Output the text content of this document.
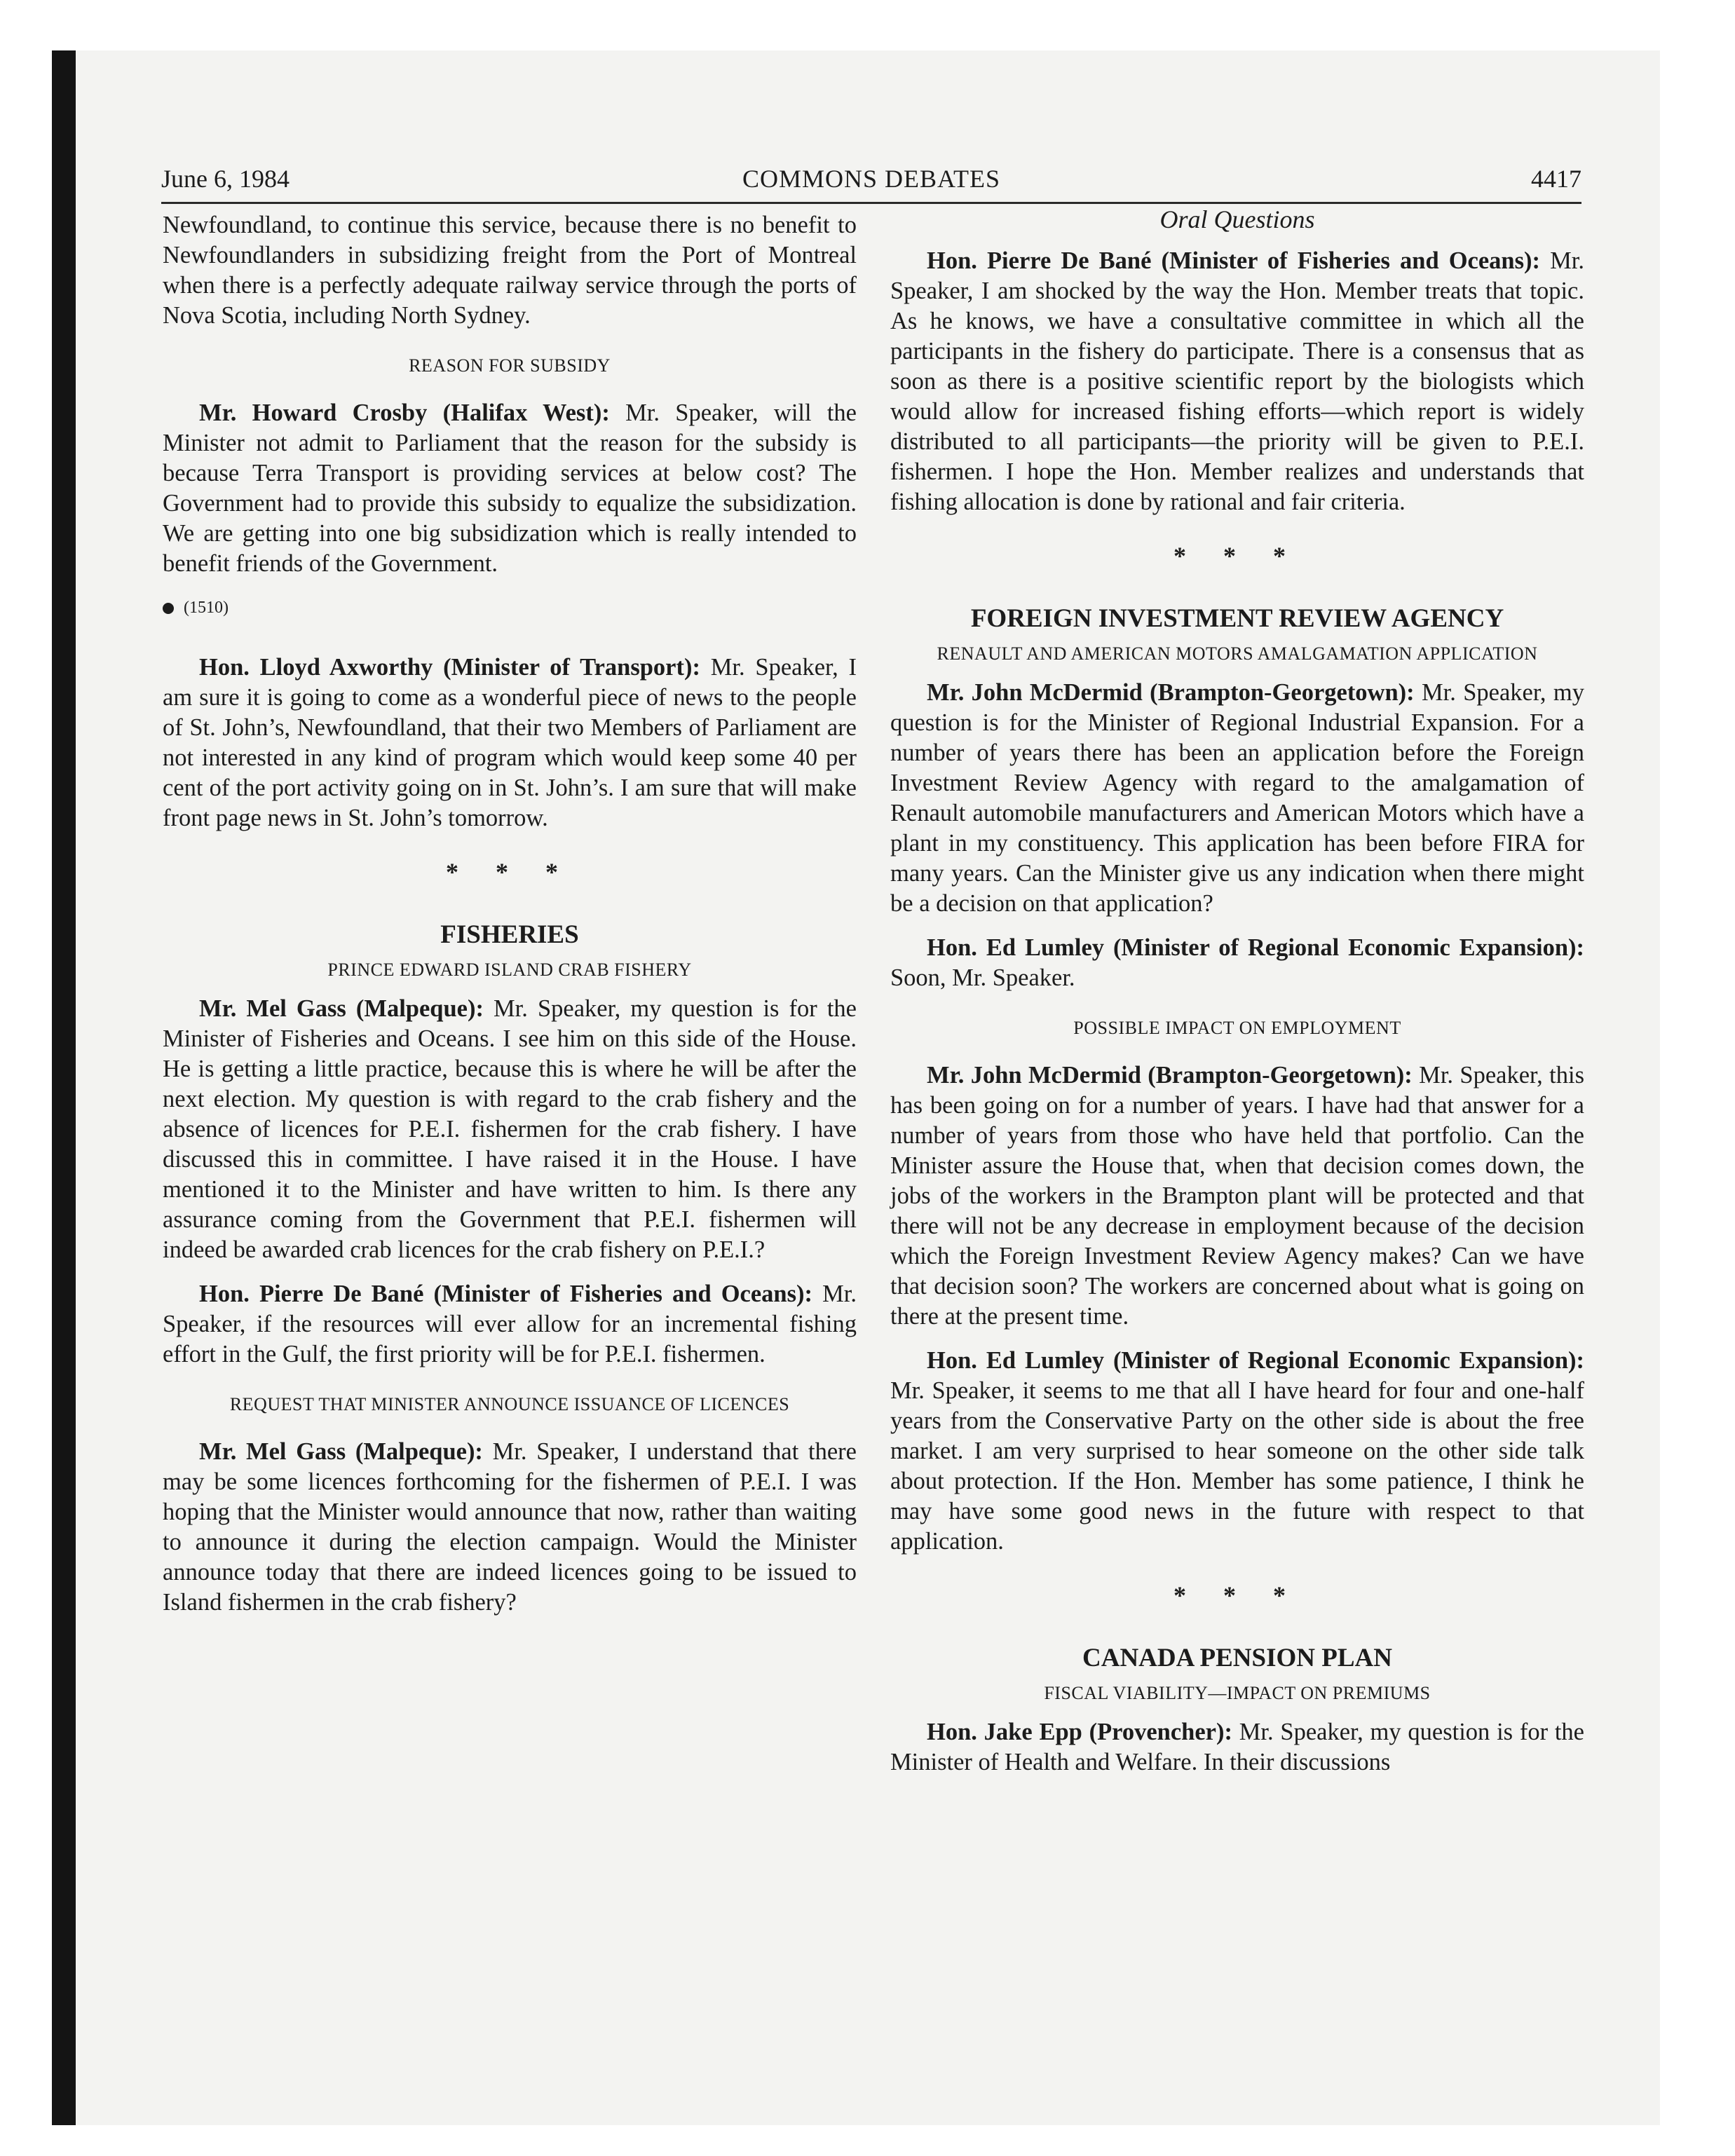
June 6, 1984	COMMONS DEBATES	4417

Newfoundland, to continue this service, because there is no benefit to Newfoundlanders in subsidizing freight from the Port of Montreal when there is a perfectly adequate railway service through the ports of Nova Scotia, including North Sydney.

REASON FOR SUBSIDY

Mr. Howard Crosby (Halifax West): Mr. Speaker, will the Minister not admit to Parliament that the reason for the subsidy is because Terra Transport is providing services at below cost? The Government had to provide this subsidy to equalize the subsidization. We are getting into one big subsidization which is really intended to benefit friends of the Government.

(1510)

Hon. Lloyd Axworthy (Minister of Transport): Mr. Speaker, I am sure it is going to come as a wonderful piece of news to the people of St. John’s, Newfoundland, that their two Members of Parliament are not interested in any kind of program which would keep some 40 per cent of the port activity going on in St. John’s. I am sure that will make front page news in St. John’s tomorrow.

* * *

FISHERIES

PRINCE EDWARD ISLAND CRAB FISHERY

Mr. Mel Gass (Malpeque): Mr. Speaker, my question is for the Minister of Fisheries and Oceans. I see him on this side of the House. He is getting a little practice, because this is where he will be after the next election. My question is with regard to the crab fishery and the absence of licences for P.E.I. fishermen for the crab fishery. I have discussed this in committee. I have raised it in the House. I have mentioned it to the Minister and have written to him. Is there any assurance coming from the Government that P.E.I. fishermen will indeed be awarded crab licences for the crab fishery on P.E.I.?

Hon. Pierre De Bané (Minister of Fisheries and Oceans): Mr. Speaker, if the resources will ever allow for an incremental fishing effort in the Gulf, the first priority will be for P.E.I. fishermen.

REQUEST THAT MINISTER ANNOUNCE ISSUANCE OF LICENCES

Mr. Mel Gass (Malpeque): Mr. Speaker, I understand that there may be some licences forthcoming for the fishermen of P.E.I. I was hoping that the Minister would announce that now, rather than waiting to announce it during the election campaign. Would the Minister announce today that there are indeed licences going to be issued to Island fishermen in the crab fishery?

Oral Questions

Hon. Pierre De Bané (Minister of Fisheries and Oceans): Mr. Speaker, I am shocked by the way the Hon. Member treats that topic. As he knows, we have a consultative committee in which all the participants in the fishery do participate. There is a consensus that as soon as there is a positive scientific report by the biologists which would allow for increased fishing efforts—which report is widely distributed to all participants—the priority will be given to P.E.I. fishermen. I hope the Hon. Member realizes and understands that fishing allocation is done by rational and fair criteria.

* * *

FOREIGN INVESTMENT REVIEW AGENCY

RENAULT AND AMERICAN MOTORS AMALGAMATION APPLICATION

Mr. John McDermid (Brampton-Georgetown): Mr. Speaker, my question is for the Minister of Regional Industrial Expansion. For a number of years there has been an application before the Foreign Investment Review Agency with regard to the amalgamation of Renault automobile manufacturers and American Motors which have a plant in my constituency. This application has been before FIRA for many years. Can the Minister give us any indication when there might be a decision on that application?

Hon. Ed Lumley (Minister of Regional Economic Expansion): Soon, Mr. Speaker.

POSSIBLE IMPACT ON EMPLOYMENT

Mr. John McDermid (Brampton-Georgetown): Mr. Speaker, this has been going on for a number of years. I have had that answer for a number of years from those who have held that portfolio. Can the Minister assure the House that, when that decision comes down, the jobs of the workers in the Brampton plant will be protected and that there will not be any decrease in employment because of the decision which the Foreign Investment Review Agency makes? Can we have that decision soon? The workers are concerned about what is going on there at the present time.

Hon. Ed Lumley (Minister of Regional Economic Expansion): Mr. Speaker, it seems to me that all I have heard for four and one-half years from the Conservative Party on the other side is about the free market. I am very surprised to hear someone on the other side talk about protection. If the Hon. Member has some patience, I think he may have some good news in the future with respect to that application.

* * *

CANADA PENSION PLAN

FISCAL VIABILITY—IMPACT ON PREMIUMS

Hon. Jake Epp (Provencher): Mr. Speaker, my question is for the Minister of Health and Welfare. In their discussions
